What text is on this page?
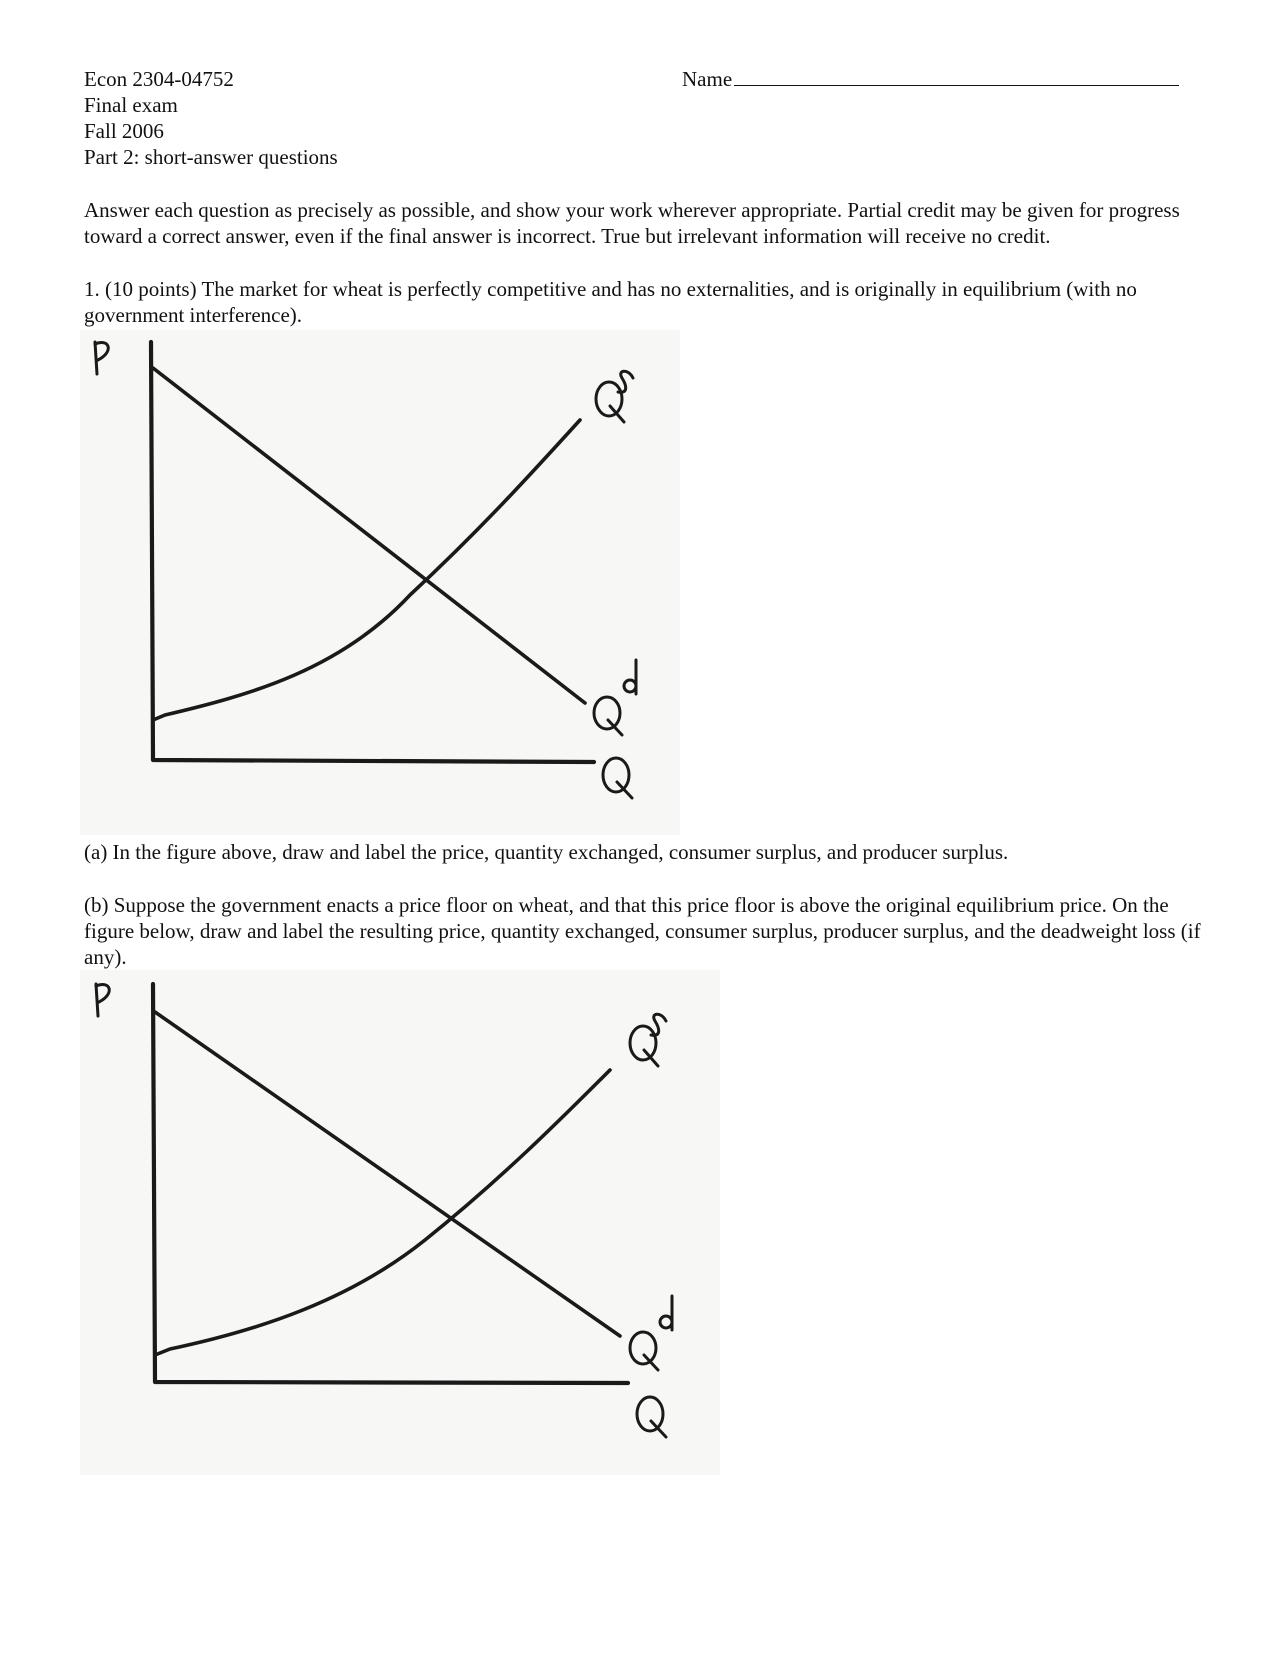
Econ 2304-04752
Final exam
Fall 2006
Part 2: short-answer questions
Name
Answer each question as precisely as possible, and show your work wherever appropriate. Partial credit may be given for progress toward a correct answer, even if the final answer is incorrect. True but irrelevant information will receive no credit.
1. (10 points) The market for wheat is perfectly competitive and has no externalities, and is originally in equilibrium (with no government interference).
P
Q
Qs
Qd
(a) In the figure above, draw and label the price, quantity exchanged, consumer surplus, and producer surplus.
(b) Suppose the government enacts a price floor on wheat, and that this price floor is above the original equilibrium price. On the figure below, draw and label the resulting price, quantity exchanged, consumer surplus, producer surplus, and the deadweight loss (if any).
P
Q
Qs
Qd
